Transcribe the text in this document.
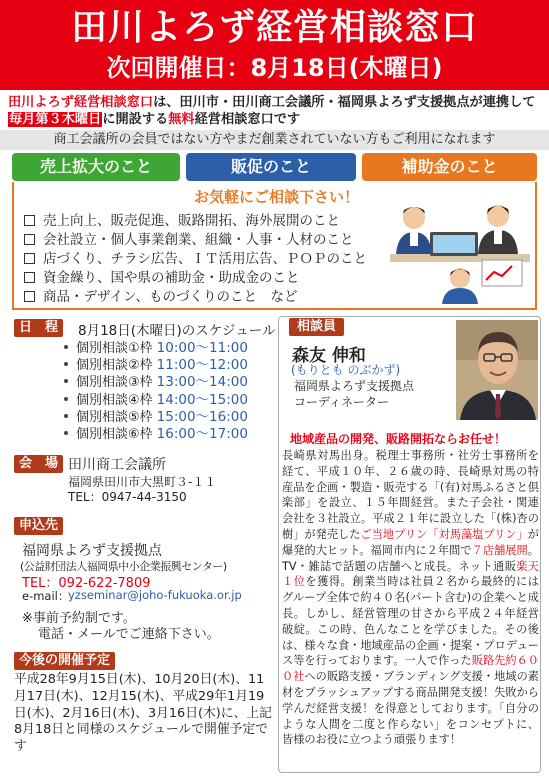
田川よろず経営相談窓口
次回開催日：8月18日(木曜日)
田川よろず経営相談窓口は、田川市・田川商工会議所・福岡県よろず支援拠点が連携して毎月第３木曜日に開設する無料経営相談窓口です
商工会議所の会員ではない方やまだ創業されていない方もご利用になれます
売上拡大のこと	販促のこと	補助金のこと
お気軽にご相談下さい！
売上向上、販売促進、販路開拓、海外展開のこと
会社設立・個人事業創業、組織・人事・人材のこと
店づくり、チラシ広告、ＩＴ活用広告、ＰＯＰのこと
資金繰り、国や県の補助金・助成金のこと
商品・デザイン、ものづくりのこと　など
日　程	8月18日(木曜日)のスケジュール
個別相談①枠 10:00～11:00
個別相談②枠 11:00～12:00
個別相談③枠 13:00～14:00
個別相談④枠 14:00～15:00
個別相談⑤枠 15:00～16:00
個別相談⑥枠 16:00～17:00
会　場 田川商工会議所
福岡県田川市大黒町３-１１
TEL：0947-44-3150
申込先
福岡県よろず支援拠点
(公益財団法人福岡県中小企業振興センター)
TEL：092-622-7809
e-mail：
yzseminar@joho-fukuoka.or.jp
※事前予約制です。
電話・メールでご連絡下さい。
今後の開催予定
平成28年9月15日(木)、10月20日(木)、11月17日(木)、12月15(木)、平成29年1月19日(木)、2月16日(木)、3月16日(木)に、上記8月18日と同様のスケジュールで開催予定です
相談員
森友 伸和
(もりとも のぶかず)
福岡県よろず支援拠点
コーディネーター
地域産品の開発、販路開拓ならお任せ！
長崎県対馬出身。税理士事務所・社労士事務所を経て、平成１０年、２６歳の時、長崎県対馬の特産品を企画・製造・販売する「(有)対馬ふるさと倶楽部」を設立、１５年間経営。また子会社・関連会社を３社設立。平成２１年に設立した「(株)杏の樹」が発売したご当地プリン「対馬藻塩プリン」が爆発的大ヒット。福岡市内に２年間で７店舗展開。TV・雑誌で話題の店舗へと成長。ネット通販楽天１位を獲得。創業当時は社員２名から最終的にはグループ全体で約４０名(パート含む)の企業へと成長。しかし、経営管理の甘さから平成２４年経営破綻。この時、色んなことを学びました。その後は、様々な食・地域産品の企画・提案・プロデュース等を行っております。一人で作った販路先約６００社への販路支援・ブランディング支援・地域の素材をブラッシュアップする商品開発支援！失敗から学んだ経営支援！を得意としております。「自分のような人間を二度と作らない」をコンセプトに、皆様のお役に立つよう頑張ります！
